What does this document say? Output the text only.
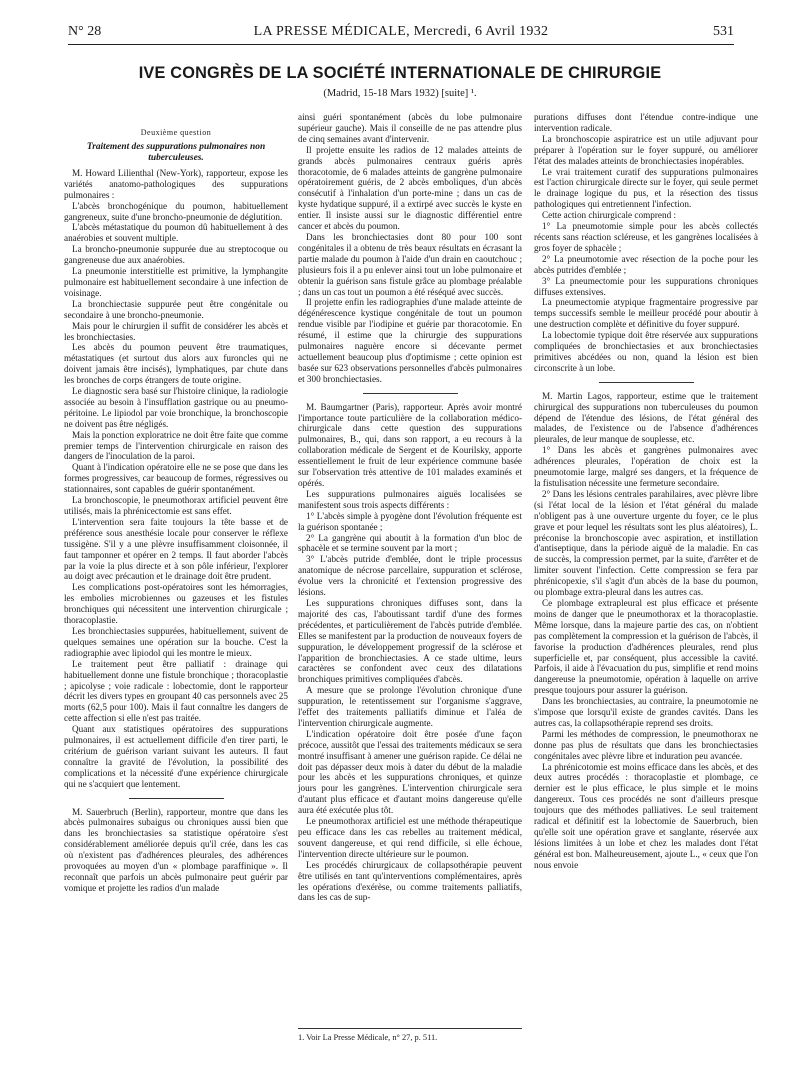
N° 28	LA PRESSE MÉDICALE, Mercredi, 6 Avril 1932	531
IVE CONGRÈS DE LA SOCIÉTÉ INTERNATIONALE DE CHIRURGIE
(Madrid, 15-18 Mars 1932) [suite] ¹.
Deuxième question
Traitement des suppurations pulmonaires non tuberculeuses.

M. Howard Lilienthal (New-York), rapporteur, expose les variétés anatomo-pathologiques des suppurations pulmonaires :

L'abcès bronchogénique du poumon, habituellement gangreneux, suite d'une broncho-pneumonie de déglutition.

L'abcès métastatique du poumon dû habituellement à des anaérobies et souvent multiple.

La broncho-pneumonie suppurée due au streptocoque ou gangreneuse due aux anaérobies.

La pneumonie interstitielle est primitive, la lymphangite pulmonaire est habituellement secondaire à une infection de voisinage.

La bronchiectasie suppurée peut être congénitale ou secondaire à une broncho-pneumonie.

Mais pour le chirurgien il suffit de considérer les abcès et les bronchiectasies.

Les abcès du poumon peuvent être traumatiques, métastatiques (et surtout dus alors aux furoncles qui ne doivent jamais être incisés), lymphatiques, par chute dans les bronches de corps étrangers de toute origine.

Le diagnostic sera basé sur l'histoire clinique, la radiologie associée au besoin à l'insufflation gastrique ou au pneumo-péritoine. Le lipiodol par voie bronchique, la bronchoscopie ne doivent pas être négligés.

Mais la ponction exploratrice ne doit être faite que comme premier temps de l'intervention chirurgicale en raison des dangers de l'inoculation de la paroi.

Quant à l'indication opératoire elle ne se pose que dans les formes progressives, car beaucoup de formes, régressives ou stationnaires, sont capables de guérir spontanément.

La bronchoscopie, le pneumothorax artificiel peuvent être utilisés, mais la phrénicectomie est sans effet.

L'intervention sera faite toujours la tête basse et de préférence sous anesthésie locale pour conserver le réflexe tussigène. S'il y a une plèvre insuffisamment cloisonnée, il faut tamponner et opérer en 2 temps. Il faut aborder l'abcès par la voie la plus directe et à son pôle inférieur, l'explorer au doigt avec précaution et le drainage doit être prudent.

Les complications post-opératoires sont les hémorragies, les embolies microbiennes ou gazeuses et les fistules bronchiques qui nécessitent une intervention chirurgicale ; thoracoplastie.

Les bronchiectasies suppurées, habituellement, suivent de quelques semaines une opération sur la bouche. C'est la radiographie avec lipiodol qui les montre le mieux.

Le traitement peut être palliatif : drainage qui habituellement donne une fistule bronchique ; thoracoplastie ; apicolyse ; voie radicale : lobectomie, dont le rapporteur décrit les divers types en groupant 40 cas personnels avec 25 morts (62,5 pour 100). Mais il faut connaître les dangers de cette affection si elle n'est pas traitée.

Quant aux statistiques opératoires des suppurations pulmonaires, il est actuellement difficile d'en tirer parti, le critérium de guérison variant suivant les auteurs. Il faut connaître la gravité de l'évolution, la possibilité des complications et la nécessité d'une expérience chirurgicale qui ne s'acquiert que lentement.

M. Sauerbruch (Berlin), rapporteur, montre que dans les abcès pulmonaires subaigus ou chroniques aussi bien que dans les bronchiectasies sa statistique opératoire s'est considérablement améliorée depuis qu'il crée, dans les cas où n'existent pas d'adhérences pleurales, des adhérences provoquées au moyen d'un « plombage paraffinique ». Il reconnaît que parfois un abcès pulmonaire peut guérir par vomique et projette les radios d'un malade

ainsi guéri spontanément (abcès du lobe pulmonaire supérieur gauche). Mais il conseille de ne pas attendre plus de cinq semaines avant d'intervenir.

Il projette ensuite les radios de 12 malades atteints de grands abcès pulmonaires centraux guéris après thoracotomie, de 6 malades atteints de gangrène pulmonaire opératoirement guéris, de 2 abcès emboliques, d'un abcès consécutif à l'inhalation d'un porte-mine ; dans un cas de kyste hydatique suppuré, il a extirpé avec succès le kyste en entier. Il insiste aussi sur le diagnostic différentiel entre cancer et abcès du poumon.

Dans les bronchiectasies dont 80 pour 100 sont congénitales il a obtenu de très beaux résultats en écrasant la partie malade du poumon à l'aide d'un drain en caoutchouc ; plusieurs fois il a pu enlever ainsi tout un lobe pulmonaire et obtenir la guérison sans fistule grâce au plombage préalable ; dans un cas tout un poumon a été réséqué avec succès.

Il projette enfin les radiographies d'une malade atteinte de dégénérescence kystique congénitale de tout un poumon rendue visible par l'iodipine et guérie par thoracotomie. En résumé, il estime que la chirurgie des suppurations pulmonaires naguère encore si décevante permet actuellement beaucoup plus d'optimisme ; cette opinion est basée sur 623 observations personnelles d'abcès pulmonaires et 300 bronchiectasies.

M. Baumgartner (Paris), rapporteur. Après avoir montré l'importance toute particulière de la collaboration médico-chirurgicale dans cette question des suppurations pulmonaires, B., qui, dans son rapport, a eu recours à la collaboration médicale de Sergent et de Kourilsky, apporte essentiellement le fruit de leur expérience commune basée sur l'observation très attentive de 101 malades examinés et opérés.

Les suppurations pulmonaires aiguës localisées se manifestent sous trois aspects différents :

1° L'abcès simple à pyogène dont l'évolution fréquente est la guérison spontanée ;

2° La gangrène qui aboutit à la formation d'un bloc de sphacèle et se termine souvent par la mort ;

3° L'abcès putride d'emblée, dont le triple processus anatomique de nécrose parcellaire, suppuration et sclérose, évolue vers la chronicité et l'extension progressive des lésions.

Les suppurations chroniques diffuses sont, dans la majorité des cas, l'aboutissant tardif d'une des formes précédentes, et particulièrement de l'abcès putride d'emblée. Elles se manifestent par la production de nouveaux foyers de suppuration, le développement progressif de la sclérose et l'apparition de bronchiectasies. A ce stade ultime, leurs caractères se confondent avec ceux des dilatations bronchiques primitives compliquées d'abcès.

A mesure que se prolonge l'évolution chronique d'une suppuration, le retentissement sur l'organisme s'aggrave, l'effet des traitements palliatifs diminue et l'aléa de l'intervention chirurgicale augmente.

L'indication opératoire doit être posée d'une façon précoce, aussitôt que l'essai des traitements médicaux se sera montré insuffisant à amener une guérison rapide. Ce délai ne doit pas dépasser deux mois à dater du début de la maladie pour les abcès et les suppurations chroniques, et quinze jours pour les gangrènes. L'intervention chirurgicale sera d'autant plus efficace et d'autant moins dangereuse qu'elle aura été exécutée plus tôt.

Le pneumothorax artificiel est une méthode thérapeutique peu efficace dans les cas rebelles au traitement médical, souvent dangereuse, et qui rend difficile, si elle échoue, l'intervention directe ultérieure sur le poumon.

Les procédés chirurgicaux de collapsothérapie peuvent être utilisés en tant qu'interventions complémentaires, après les opérations d'exérèse, ou comme traitements palliatifs, dans les cas de sup-

purations diffuses dont l'étendue contre-indique une intervention radicale.

La bronchoscopie aspiratrice est un utile adjuvant pour préparer à l'opération sur le foyer suppuré, ou améliorer l'état des malades atteints de bronchiectasies inopérables.

Le vrai traitement curatif des suppurations pulmonaires est l'action chirurgicale directe sur le foyer, qui seule permet le drainage logique du pus, et la résection des tissus pathologiques qui entretiennent l'infection.

Cette action chirurgicale comprend :

1° La pneumotomie simple pour les abcès collectés récents sans réaction scléreuse, et les gangrènes localisées à gros foyer de sphacèle ;

2° La pneumotomie avec résection de la poche pour les abcès putrides d'emblée ;

3° La pneumectomie pour les suppurations chroniques diffuses extensives.

La pneumectomie atypique fragmentaire progressive par temps successifs semble le meilleur procédé pour aboutir à une destruction complète et définitive du foyer suppuré.

La lobectomie typique doit être réservée aux suppurations compliquées de bronchiectasies et aux bronchiectasies primitives abcédées ou non, quand la lésion est bien circonscrite à un lobe.

M. Martin Lagos, rapporteur, estime que le traitement chirurgical des suppurations non tuberculeuses du poumon dépend de l'étendue des lésions, de l'état général des malades, de l'existence ou de l'absence d'adhérences pleurales, de leur manque de souplesse, etc.

1° Dans les abcès et gangrènes pulmonaires avec adhérences pleurales, l'opération de choix est la pneumotomie large, malgré ses dangers, et la fréquence de la fistulisation nécessite une fermeture secondaire.

2° Dans les lésions centrales parahilaires, avec plèvre libre (si l'état local de la lésion et l'état général du malade n'obligent pas à une ouverture urgente du foyer, ce le plus grave et pour lequel les résultats sont les plus aléatoires), L. préconise la bronchoscopie avec aspiration, et instillation d'antiseptique, dans la période aiguë de la maladie. En cas de succès, la compression permet, par la suite, d'arrêter et de limiter souvent l'infection. Cette compression se fera par phrénicopexie, s'il s'agit d'un abcès de la base du poumon, ou plombage extra-pleural dans les autres cas.

Ce plombage extrapleural est plus efficace et présente moins de danger que le pneumothorax et la thoracoplastie. Même lorsque, dans la majeure partie des cas, on n'obtient pas complètement la compression et la guérison de l'abcès, il favorise la production d'adhérences pleurales, rend plus superficielle et, par conséquent, plus accessible la cavité. Parfois, il aide à l'évacuation du pus, simplifie et rend moins dangereuse la pneumotomie, opération à laquelle on arrive presque toujours pour assurer la guérison.

Dans les bronchiectasies, au contraire, la pneumotomie ne s'impose que lorsqu'il existe de grandes cavités. Dans les autres cas, la collapsothérapie reprend ses droits.

Parmi les méthodes de compression, le pneumothorax ne donne pas plus de résultats que dans les bronchiectasies congénitales avec plèvre libre et induration peu avancée.

La phrénicotomie est moins efficace dans les abcès, et des deux autres procédés : thoracoplastie et plombage, ce dernier est le plus efficace, le plus simple et le moins dangereux. Tous ces procédés ne sont d'ailleurs presque toujours que des méthodes palliatives. Le seul traitement radical et définitif est la lobectomie de Sauerbruch, bien qu'elle soit une opération grave et sanglante, réservée aux lésions limitées à un lobe et chez les malades dont l'état général est bon. Malheureusement, ajoute L., « ceux que l'on nous envoie

1. Voir La Presse Médicale, n° 27, p. 511.
